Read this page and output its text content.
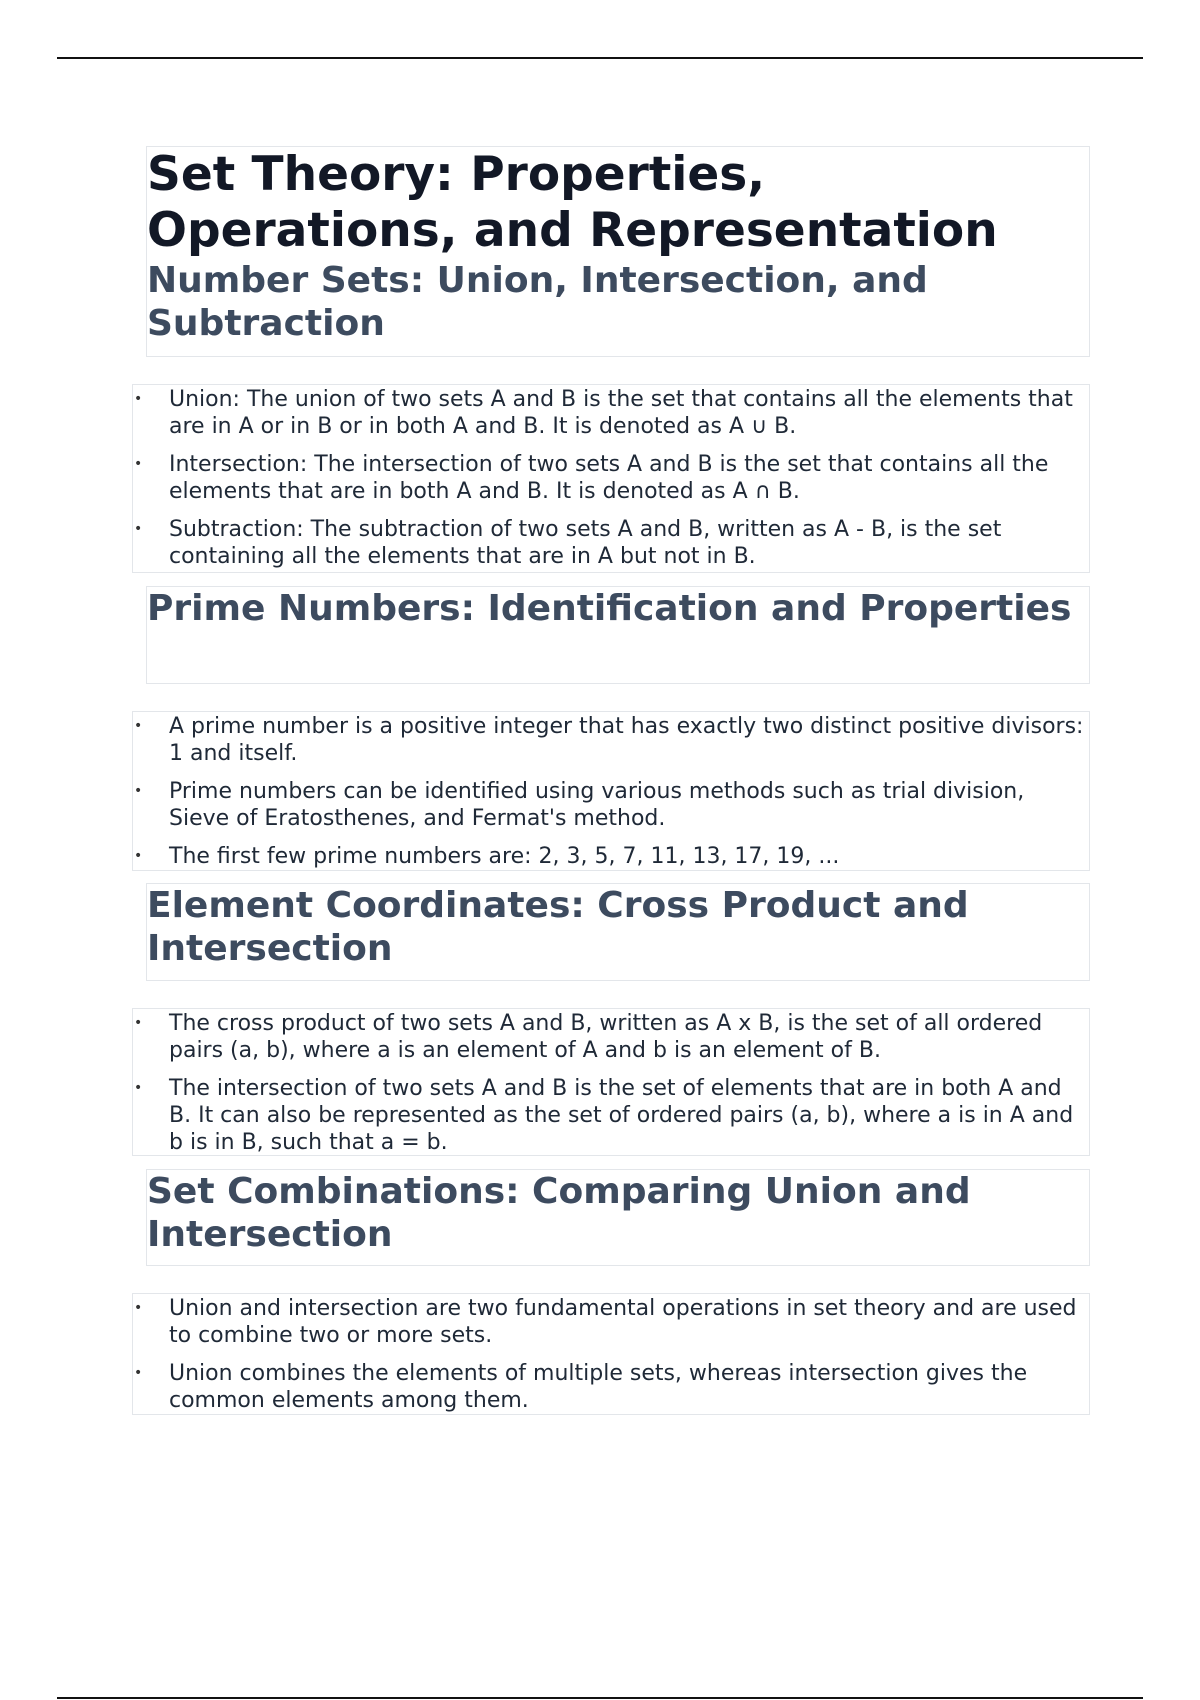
Set Theory: Properties, Operations, and Representation
Number Sets: Union, Intersection, and Subtraction
• Union: The union of two sets A and B is the set that contains all the elements that are in A or in B or in both A and B. It is denoted as A ∪ B.
• Intersection: The intersection of two sets A and B is the set that contains all the elements that are in both A and B. It is denoted as A ∩ B.
• Subtraction: The subtraction of two sets A and B, written as A - B, is the set containing all the elements that are in A but not in B.
Prime Numbers: Identification and Properties
• A prime number is a positive integer that has exactly two distinct positive divisors: 1 and itself.
• Prime numbers can be identified using various methods such as trial division, Sieve of Eratosthenes, and Fermat's method.
• The first few prime numbers are: 2, 3, 5, 7, 11, 13, 17, 19, ...
Element Coordinates: Cross Product and Intersection
• The cross product of two sets A and B, written as A x B, is the set of all ordered pairs (a, b), where a is an element of A and b is an element of B.
• The intersection of two sets A and B is the set of elements that are in both A and B. It can also be represented as the set of ordered pairs (a, b), where a is in A and b is in B, such that a = b.
Set Combinations: Comparing Union and Intersection
• Union and intersection are two fundamental operations in set theory and are used to combine two or more sets.
• Union combines the elements of multiple sets, whereas intersection gives the common elements among them.
